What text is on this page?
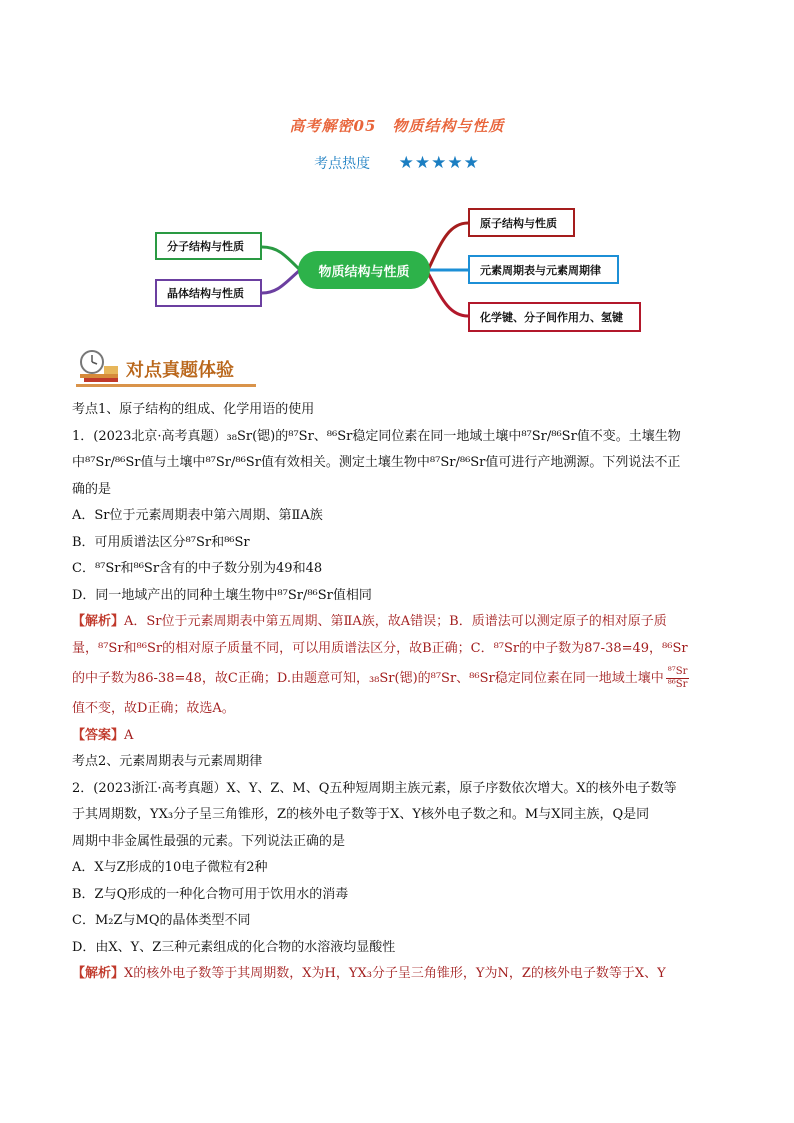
高考解密05　物质结构与性质
考点热度 ★★★★★
物质结构与性质
分子结构与性质
晶体结构与性质
原子结构与性质
元素周期表与元素周期律
化学键、分子间作用力、氢键
对点真题体验

考点1、原子结构的组成、化学用语的使用

1．(2023北京·高考真题）₃₈Sr(锶)的⁸⁷Sr、⁸⁶Sr稳定同位素在同一地域土壤中⁸⁷Sr/⁸⁶Sr值不变。土壤生物

中⁸⁷Sr/⁸⁶Sr值与土壤中⁸⁷Sr/⁸⁶Sr值有效相关。测定土壤生物中⁸⁷Sr/⁸⁶Sr值可进行产地溯源。下列说法不正

确的是

A．Sr位于元素周期表中第六周期、第ⅡA族

B．可用质谱法区分⁸⁷Sr和⁸⁶Sr

C．⁸⁷Sr和⁸⁶Sr含有的中子数分别为49和48

D．同一地域产出的同种土壤生物中⁸⁷Sr/⁸⁶Sr值相同

【解析】A．Sr位于元素周期表中第五周期、第ⅡA族，故A错误；B．质谱法可以测定原子的相对原子质

量，⁸⁷Sr和⁸⁶Sr的相对原子质量不同，可以用质谱法区分，故B正确；C．⁸⁷Sr的中子数为87-38=49，⁸⁶Sr

的中子数为86-38=48，故C正确；D.由题意可知，₃₈Sr(锶)的⁸⁷Sr、⁸⁶Sr稳定同位素在同一地域土壤中 $\frac{\text{⁸⁷Sr}}{\text{⁸⁶Sr}}$

值不变，故D正确；故选A。

【答案】A

考点2、元素周期表与元素周期律

2．(2023浙江·高考真题）X、Y、Z、M、Q五种短周期主族元素，原子序数依次增大。X的核外电子数等

于其周期数，YX₃分子呈三角锥形，Z的核外电子数等于X、Y核外电子数之和。M与X同主族，Q是同

周期中非金属性最强的元素。下列说法正确的是

A．X与Z形成的10电子微粒有2种

B．Z与Q形成的一种化合物可用于饮用水的消毒

C．M₂Z与MQ的晶体类型不同

D．由X、Y、Z三种元素组成的化合物的水溶液均显酸性

【解析】X的核外电子数等于其周期数，X为H，YX₃分子呈三角锥形，Y为N，Z的核外电子数等于X、Y
